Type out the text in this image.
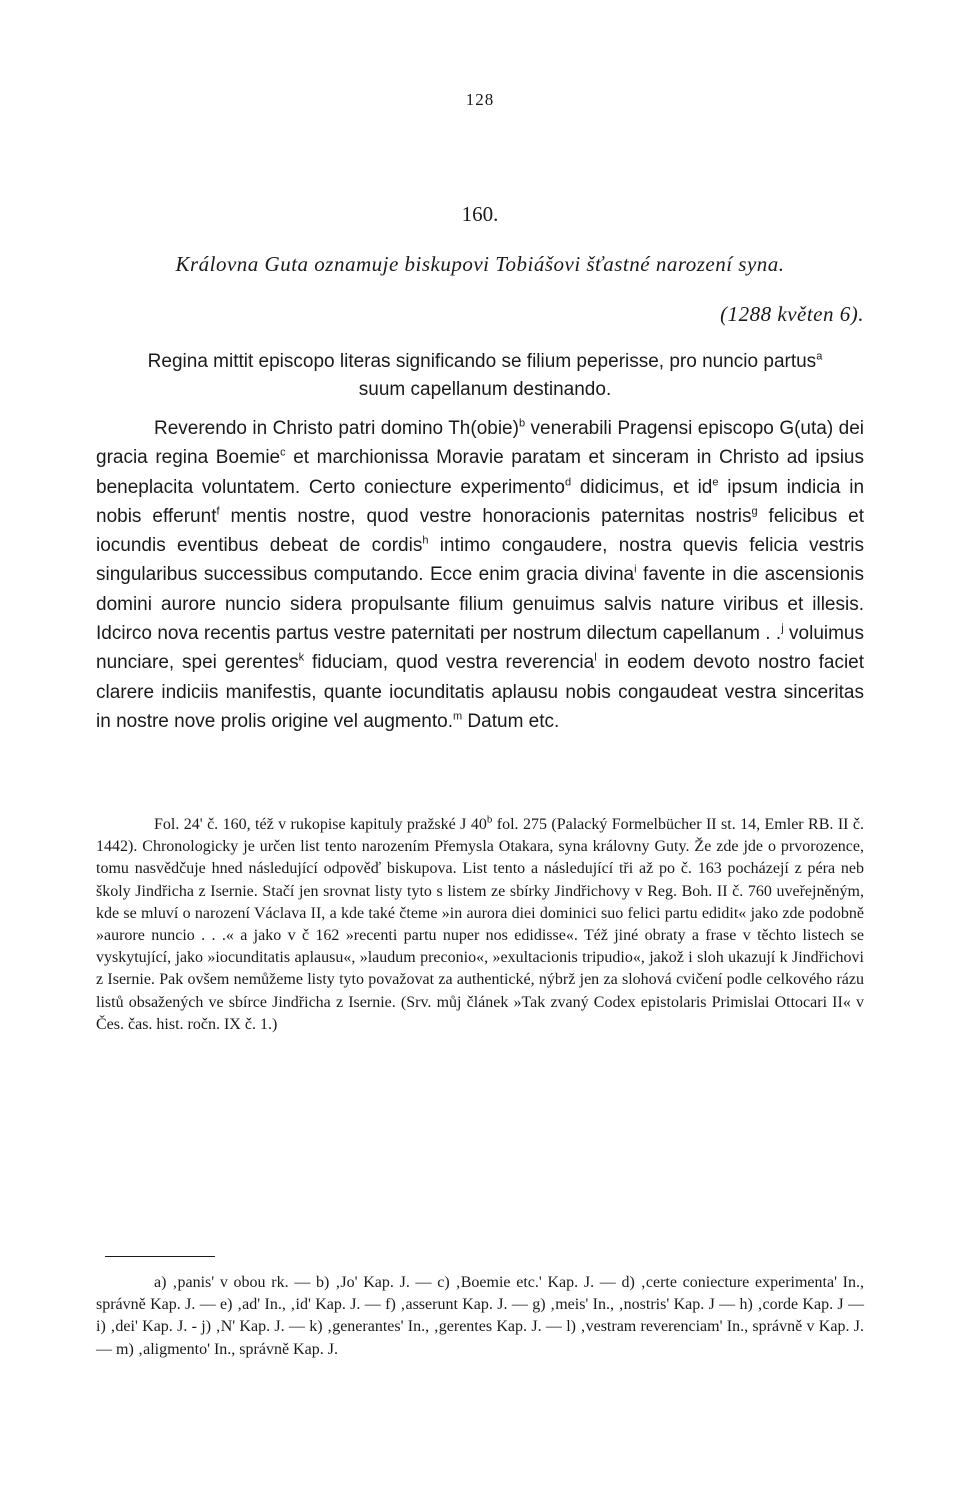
128
160.
Královna Guta oznamuje biskupovi Tobiášovi šťastné narození syna.
(1288 květen 6).
Regina mittit episcopo literas significando se filium peperisse, pro nuncio partus$^a$ suum capellanum destinando.
Reverendo in Christo patri domino Th(obie)$^b$ venerabili Pragensi episcopo G(uta) dei gracia regina Boemie$^c$ et marchionissa Moravie paratam et sinceram in Christo ad ipsius beneplacita voluntatem. Certo coniecture experimento$^d$ didicimus, et $id^e$ ipsum indicia in nobis efferunt$^f$ mentis nostre, quod vestre honoracionis paternitas nostris$^g$ felicibus et iocundis eventibus debeat de cordis$^h$ intimo congaudere, nostra quevis felicia vestris singularibus successibus computando. Ecce enim gracia divina$^i$ favente in die ascensionis domini aurore nuncio sidera propulsante filium genuimus salvis nature viribus et illesis. Idcirco nova recentis partus vestre paternitati per nostrum dilectum capellanum . .$^j$ voluimus nunciare, spei gerentes$^k$ fiduciam, quod vestra reverencia$^l$ in eodem devoto nostro faciet clarere indiciis manifestis, quante iocunditatis aplausu nobis congaudeat vestra sinceritas in nostre nove prolis origine vel augmento.$^m$ Datum etc.
Fol. 24' č. 160, též v rukopise kapituly pražské J 40$^b$ fol. 275 (Palacký Formelbücher II st. 14, Emler RB. II č. 1442). Chronologicky je určen list tento narozením Přemysla Otakara, syna královny Guty. Že zde jde o prvorozence, tomu nasvědčuje hned následující odpověď biskupova. List tento a následující tři až po č. 163 pocházejí z péra neb školy Jindřicha z Isernie. Stačí jen srovnat listy tyto s listem ze sbírky Jindřichovy v Reg. Boh. II č. 760 uveřejněným, kde se mluví o narození Václava II, a kde také čteme »in aurora diei dominici suo felici partu edidit« jako zde podobně »aurore nuncio . . .« a jako v č 162 »recenti partu nuper nos edidisse«. Též jiné obraty a frase v těchto listech se vyskytující, jako »iocunditatis aplausu«, »laudum preconio«, »exultacionis tripudio«, jakož i sloh ukazují k Jindřichovi z Isernie. Pak ovšem nemůžeme listy tyto považovat za authentické, nýbrž jen za slohová cvičení podle celkového rázu listů obsažených ve sbírce Jindřicha z Isernie. (Srv. můj článek »Tak zvaný Codex epistolaris Primislai Ottocari II« v Čes. čas. hist. ročn. IX č. 1.)
a) ‚panis' v obou rk. — b) ‚Jo' Kap. J. — c) ‚Boemie etc.' Kap. J. — d) ‚certe coniecture experimenta' In., správně Kap. J. — e) ‚ad' In., ‚id' Kap. J. — f) ‚asserunt Kap. J. — g) ‚meis' In., ‚nostris' Kap. J — h) ‚corde Kap. J — i) ‚dei' Kap. J. - j) ‚N' Kap. J. — k) ‚generantes' In., ‚gerentes Kap. J. — l) ‚vestram reverenciam' In., správně v Kap. J. — m) ‚aligmento' In., správně Kap. J.
